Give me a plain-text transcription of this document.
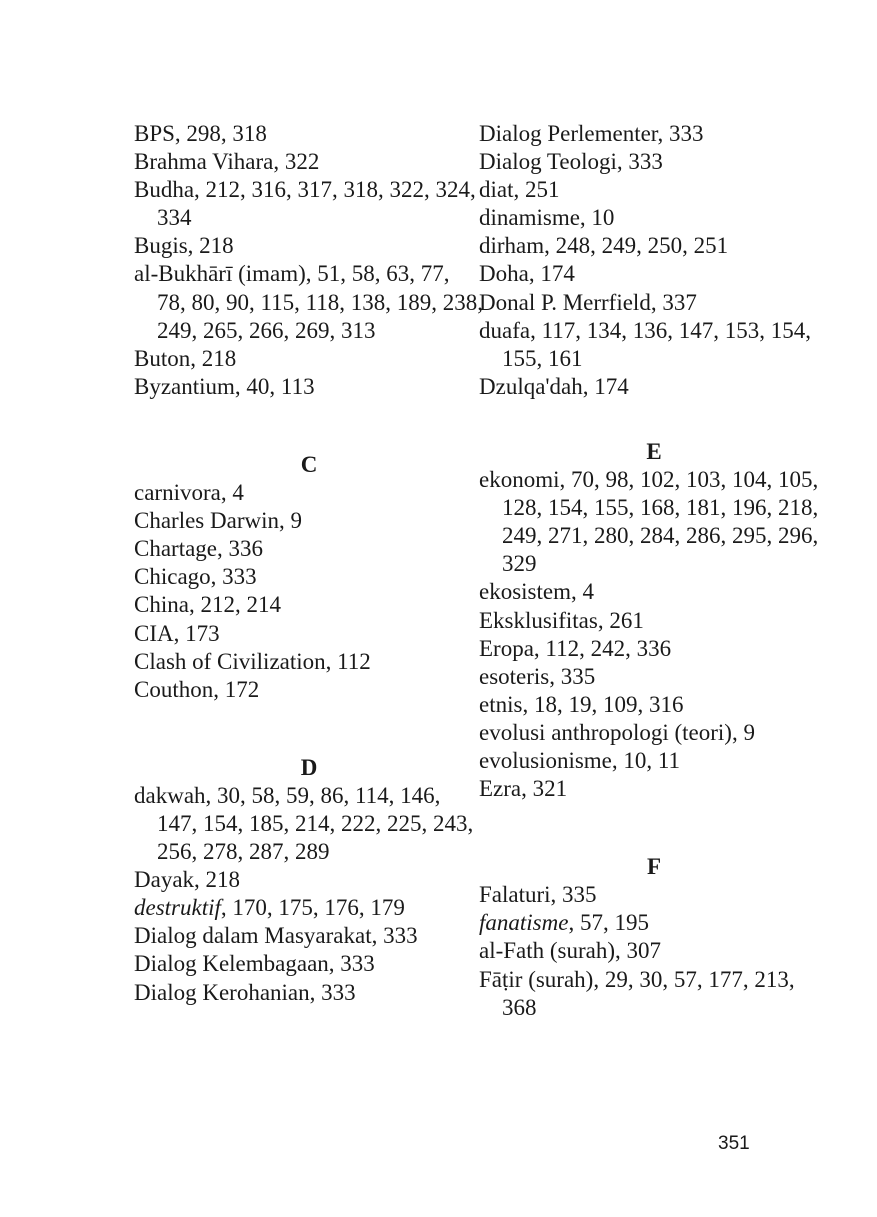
BPS, 298, 318
Brahma Vihara, 322
Budha, 212, 316, 317, 318, 322, 324, 334
Bugis, 218
al-Bukhārī (imam), 51, 58, 63, 77, 78, 80, 90, 115, 118, 138, 189, 238, 249, 265, 266, 269, 313
Buton, 218
Byzantium, 40, 113
C
carnivora, 4
Charles Darwin, 9
Chartage, 336
Chicago, 333
China, 212, 214
CIA, 173
Clash of Civilization, 112
Couthon, 172
D
dakwah, 30, 58, 59, 86, 114, 146, 147, 154, 185, 214, 222, 225, 243, 256, 278, 287, 289
Dayak, 218
destruktif, 170, 175, 176, 179
Dialog dalam Masyarakat, 333
Dialog Kelembagaan, 333
Dialog Kerohanian, 333
Dialog Perlementer, 333
Dialog Teologi, 333
diat, 251
dinamisme, 10
dirham, 248, 249, 250, 251
Doha, 174
Donal P. Merrfield, 337
duafa, 117, 134, 136, 147, 153, 154, 155, 161
Dzulqa'dah, 174
E
ekonomi, 70, 98, 102, 103, 104, 105, 128, 154, 155, 168, 181, 196, 218, 249, 271, 280, 284, 286, 295, 296, 329
ekosistem, 4
Eksklusifitas, 261
Eropa, 112, 242, 336
esoteris, 335
etnis, 18, 19, 109, 316
evolusi anthropologi (teori), 9
evolusionisme, 10, 11
Ezra, 321
F
Falaturi, 335
fanatisme, 57, 195
al-Fath (surah), 307
Fāṭir (surah), 29, 30, 57, 177, 213, 368
351
